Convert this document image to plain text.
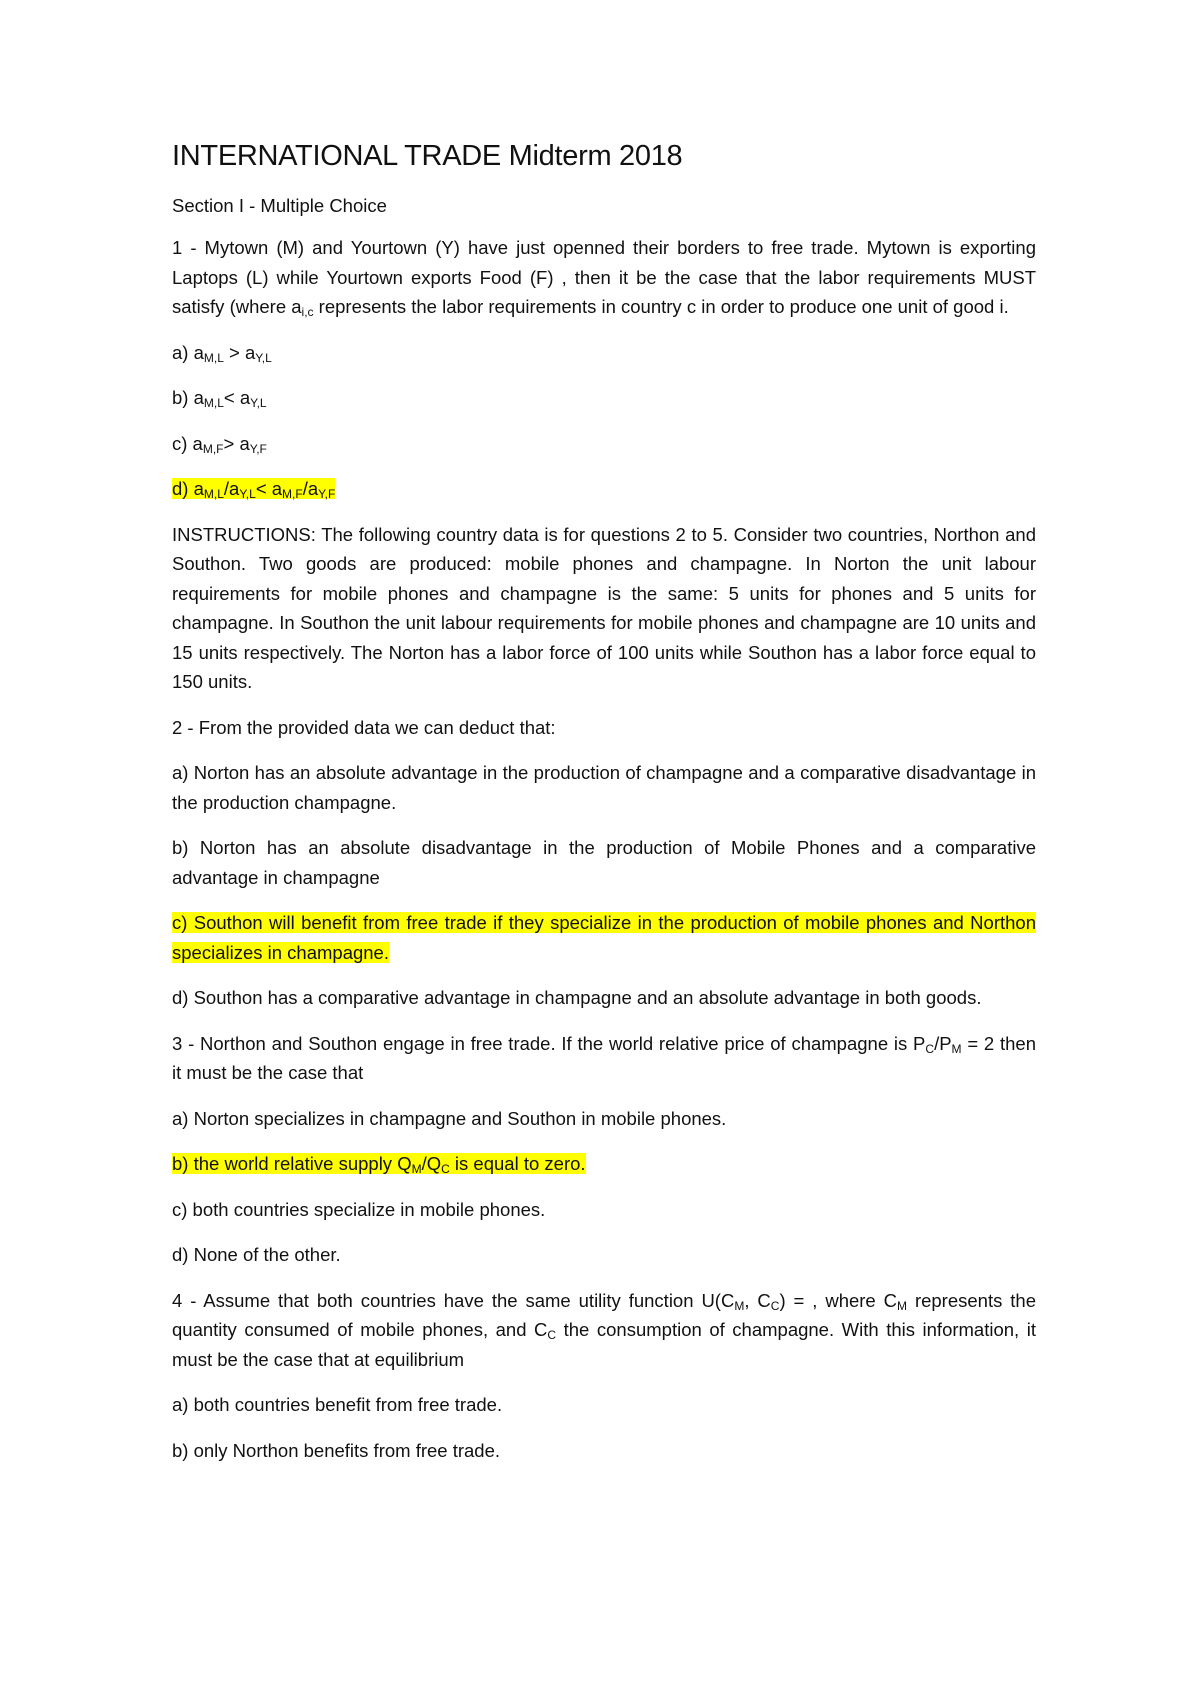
INTERNATIONAL TRADE Midterm 2018
Section I - Multiple Choice

1 - Mytown (M) and Yourtown (Y) have just openned their borders to free trade. Mytown is exporting Laptops (L) while Yourtown exports Food (F) , then it be the case that the labor requirements MUST satisfy (where $a_{i,c}$ represents the labor requirements in country c in order to produce one unit of good i.

a) $a_{M,L} > a_{Y,L}$

b) $a_{M,L}< a_{Y,L}$

c) $a_{M,F}> a_{Y,F}$

d) $a_{M,L}/a_{Y,L}< a_{M,F}/a_{Y,F}$

INSTRUCTIONS: The following country data is for questions 2 to 5. Consider two countries, Northon and Southon. Two goods are produced: mobile phones and champagne. In Norton the unit labour requirements for mobile phones and champagne is the same: 5 units for phones and 5 units for champagne. In Southon the unit labour requirements for mobile phones and champagne are 10 units and 15 units respectively. The Norton has a labor force of 100 units while Southon has a labor force equal to 150 units.

2 - From the provided data we can deduct that:

a) Norton has an absolute advantage in the production of champagne and a comparative disadvantage in the production champagne.

b) Norton has an absolute disadvantage in the production of Mobile Phones and a comparative advantage in champagne

c) Southon will benefit from free trade if they specialize in the production of mobile phones and Northon specializes in champagne.

d) Southon has a comparative advantage in champagne and an absolute advantage in both goods.

3 - Northon and Southon engage in free trade. If the world relative price of champagne is $P_C/P_M = 2$ then it must be the case that

a) Norton specializes in champagne and Southon in mobile phones.

b) the world relative supply $Q_M/Q_C$ is equal to zero.

c) both countries specialize in mobile phones.

d) None of the other.

4 - Assume that both countries have the same utility function $U(C_M$, $C_C$) = , where $C_M$ represents the quantity consumed of mobile phones, and $C_C$ the consumption of champagne. With this information, it must be the case that at equilibrium

a) both countries benefit from free trade.

b) only Northon benefits from free trade.
